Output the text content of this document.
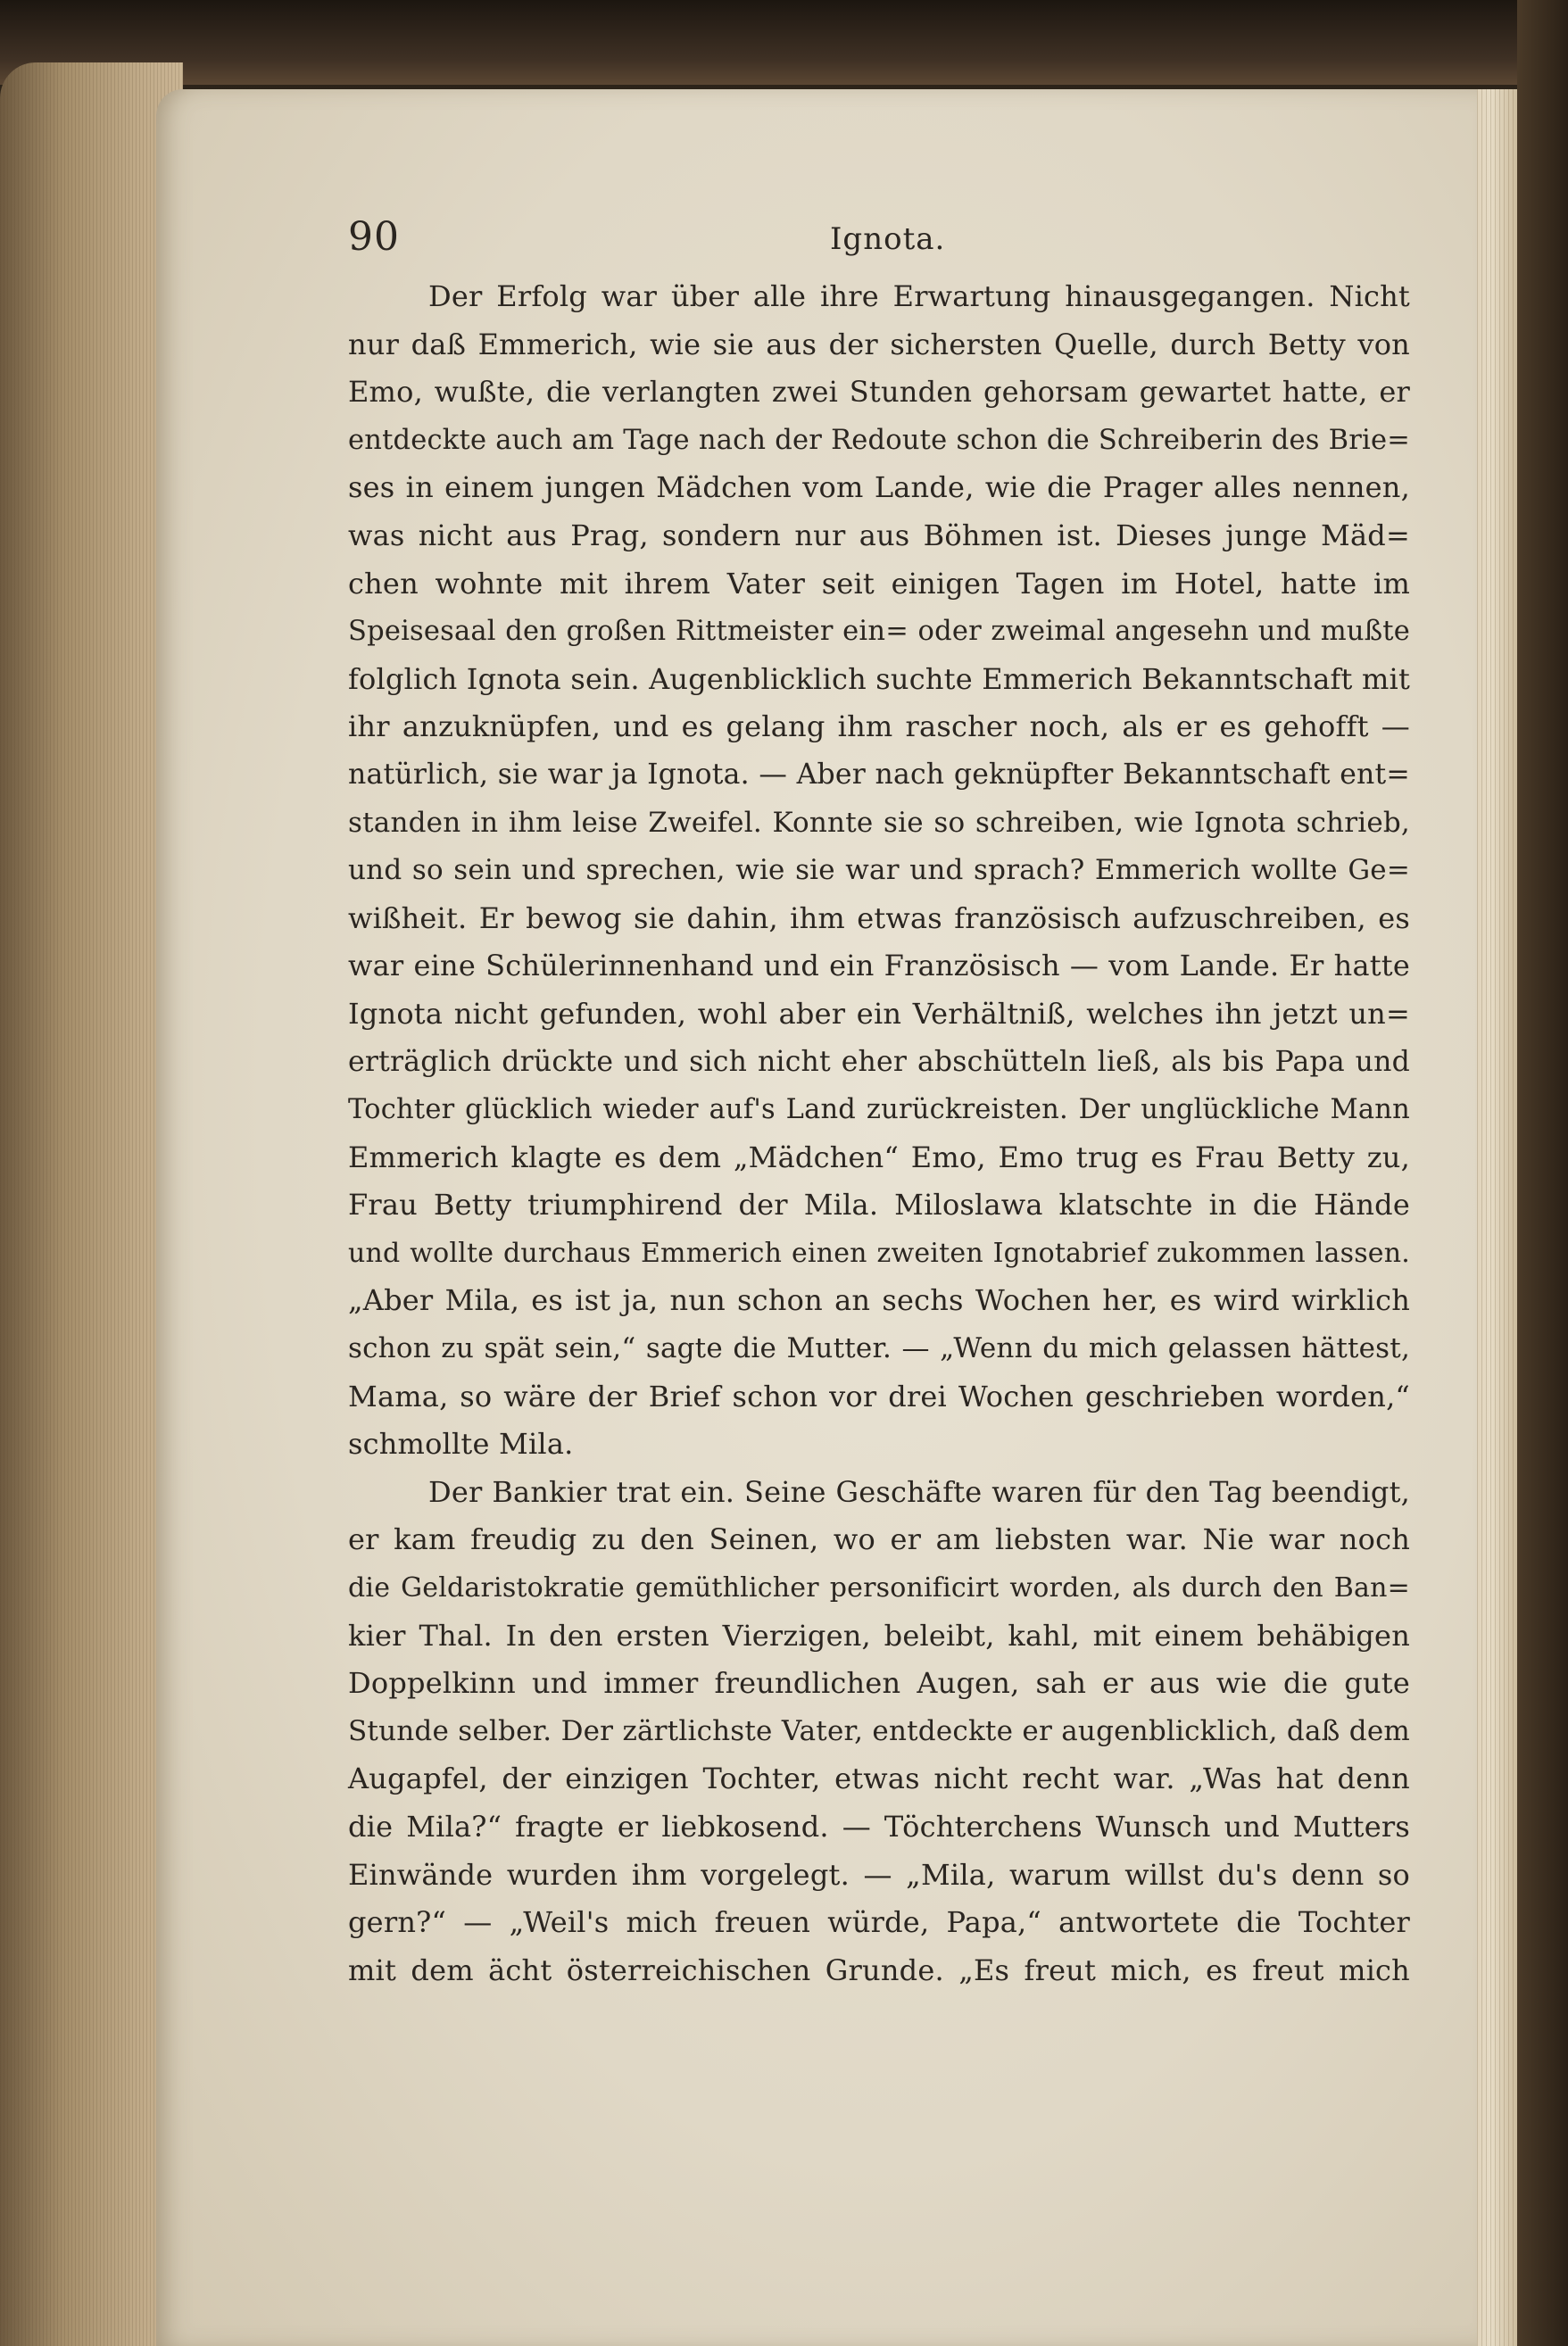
90	Ignota.
Der Erfolg war über alle ihre Erwartung hinausgegangen. Nicht
nur daß Emmerich, wie sie aus der sichersten Quelle, durch Betty von
Emo, wußte, die verlangten zwei Stunden gehorsam gewartet hatte, er
entdeckte auch am Tage nach der Redoute schon die Schreiberin des Brie=
ses in einem jungen Mädchen vom Lande, wie die Prager alles nennen,
was nicht aus Prag, sondern nur aus Böhmen ist. Dieses junge Mäd=
chen wohnte mit ihrem Vater seit einigen Tagen im Hotel, hatte im
Speisesaal den großen Rittmeister ein= oder zweimal angesehn und mußte
folglich Ignota sein. Augenblicklich suchte Emmerich Bekanntschaft mit
ihr anzuknüpfen, und es gelang ihm rascher noch, als er es gehofft —
natürlich, sie war ja Ignota. — Aber nach geknüpfter Bekanntschaft ent=
standen in ihm leise Zweifel. Konnte sie so schreiben, wie Ignota schrieb,
und so sein und sprechen, wie sie war und sprach? Emmerich wollte Ge=
wißheit. Er bewog sie dahin, ihm etwas französisch aufzuschreiben, es
war eine Schülerinnenhand und ein Französisch — vom Lande. Er hatte
Ignota nicht gefunden, wohl aber ein Verhältniß, welches ihn jetzt un=
erträglich drückte und sich nicht eher abschütteln ließ, als bis Papa und
Tochter glücklich wieder auf's Land zurückreisten. Der unglückliche Mann
Emmerich klagte es dem „Mädchen“ Emo, Emo trug es Frau Betty zu,
Frau Betty triumphirend der Mila. Miloslawa klatschte in die Hände
und wollte durchaus Emmerich einen zweiten Ignotabrief zukommen lassen.
„Aber Mila, es ist ja, nun schon an sechs Wochen her, es wird wirklich
schon zu spät sein,“ sagte die Mutter. — „Wenn du mich gelassen hättest,
Mama, so wäre der Brief schon vor drei Wochen geschrieben worden,“
schmollte Mila.
Der Bankier trat ein. Seine Geschäfte waren für den Tag beendigt,
er kam freudig zu den Seinen, wo er am liebsten war. Nie war noch
die Geldaristokratie gemüthlicher personificirt worden, als durch den Ban=
kier Thal. In den ersten Vierzigen, beleibt, kahl, mit einem behäbigen
Doppelkinn und immer freundlichen Augen, sah er aus wie die gute
Stunde selber. Der zärtlichste Vater, entdeckte er augenblicklich, daß dem
Augapfel, der einzigen Tochter, etwas nicht recht war. „Was hat denn
die Mila?“ fragte er liebkosend. — Töchterchens Wunsch und Mutters
Einwände wurden ihm vorgelegt. — „Mila, warum willst du's denn so
gern?“ — „Weil's mich freuen würde, Papa,“ antwortete die Tochter
mit dem ächt österreichischen Grunde. „Es freut mich, es freut mich
